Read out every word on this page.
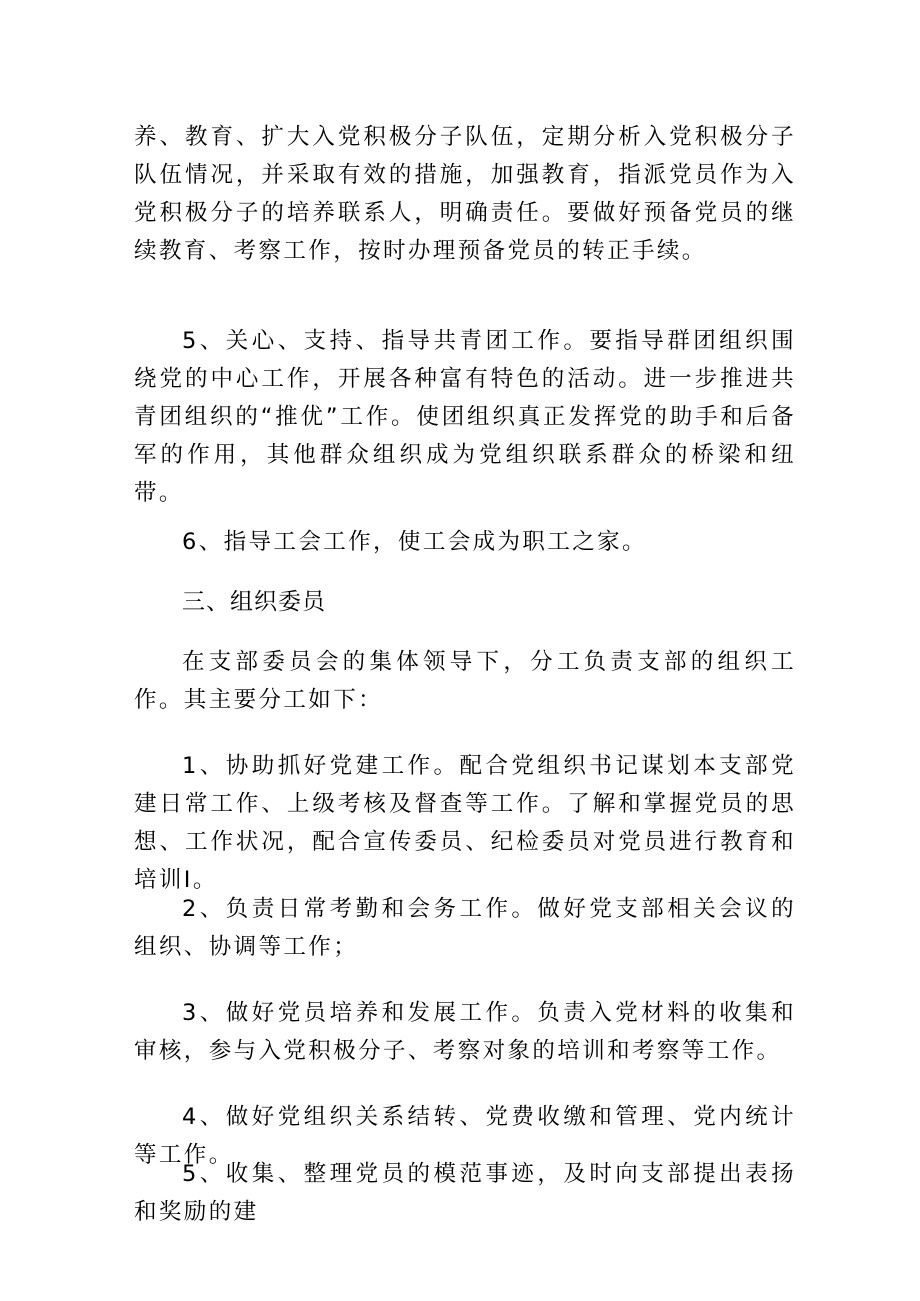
养、教育、扩大入党积极分子队伍，定期分析入党积极分子队伍情况，并采取有效的措施，加强教育，指派党员作为入党积极分子的培养联系人，明确责任。要做好预备党员的继续教育、考察工作，按时办理预备党员的转正手续。

5、关心、支持、指导共青团工作。要指导群团组织围绕党的中心工作，开展各种富有特色的活动。进一步推进共青团组织的“推优”工作。使团组织真正发挥党的助手和后备军的作用，其他群众组织成为党组织联系群众的桥梁和纽带。

6、指导工会工作，使工会成为职工之家。

三、组织委员

在支部委员会的集体领导下，分工负责支部的组织工作。其主要分工如下：

1、协助抓好党建工作。配合党组织书记谋划本支部党建日常工作、上级考核及督查等工作。了解和掌握党员的思想、工作状况，配合宣传委员、纪检委员对党员进行教育和培训I。

2、负责日常考勤和会务工作。做好党支部相关会议的组织、协调等工作；

3、做好党员培养和发展工作。负责入党材料的收集和审核，参与入党积极分子、考察对象的培训和考察等工作。

4、做好党组织关系结转、党费收缴和管理、党内统计等工作。

5、收集、整理党员的模范事迹，及时向支部提出表扬和奖励的建
